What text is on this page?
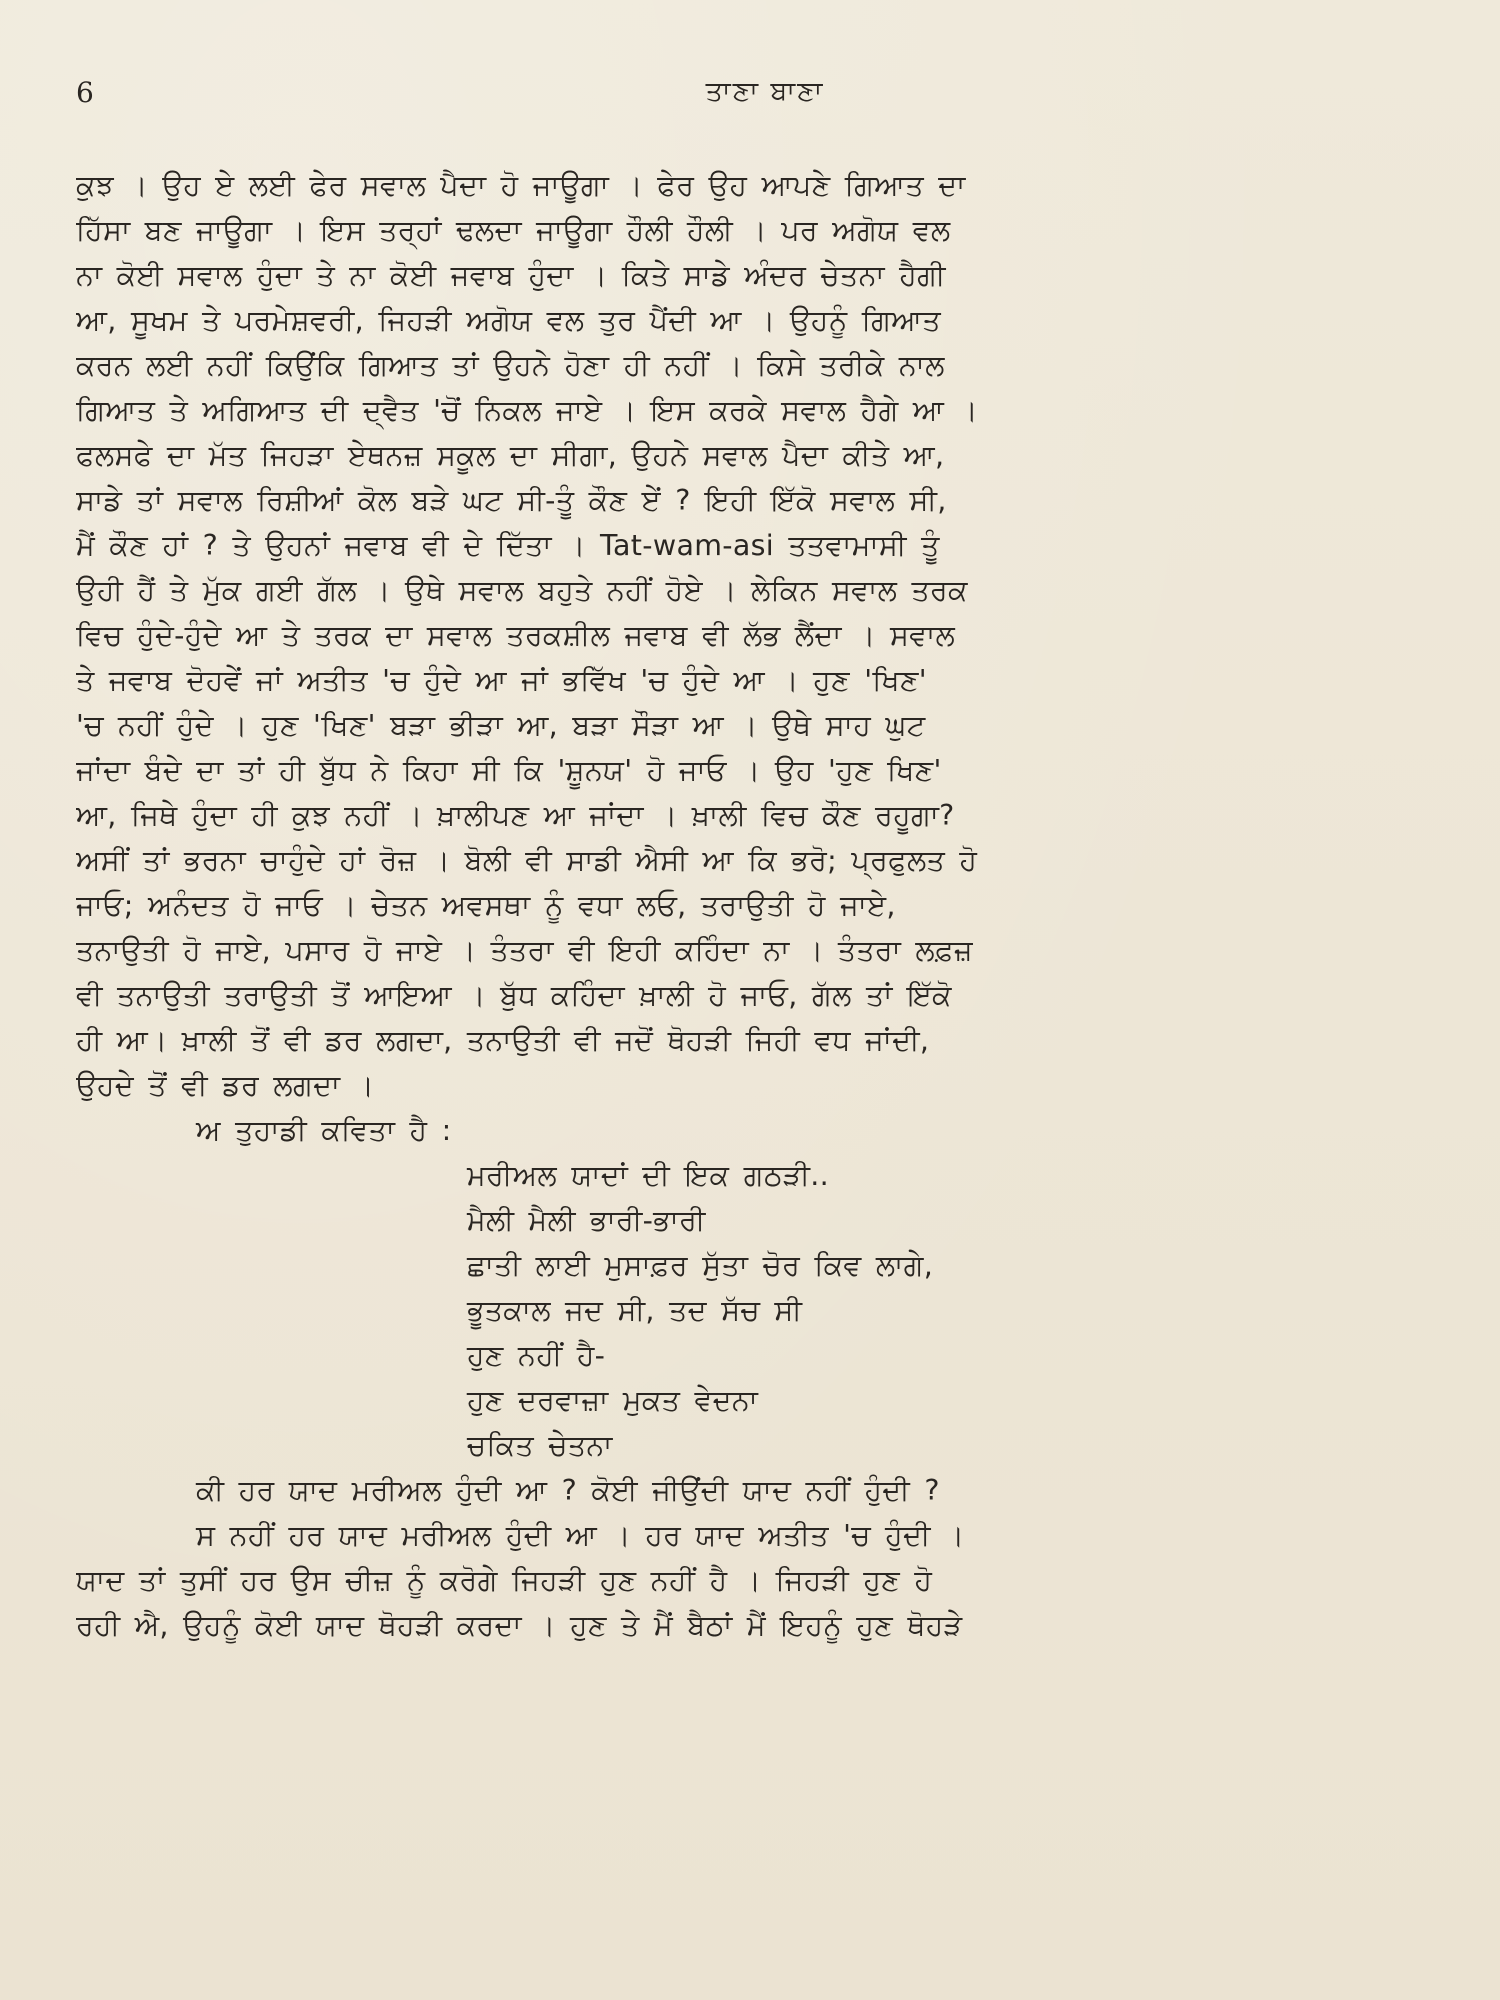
6	ਤਾਣਾ ਬਾਣਾ
ਕੁਝ । ਉਹ ਏ ਲਈ ਫੇਰ ਸਵਾਲ ਪੈਦਾ ਹੋ ਜਾਊਗਾ । ਫੇਰ ਉਹ ਆਪਣੇ ਗਿਆਤ ਦਾ
ਹਿੱਸਾ ਬਣ ਜਾਊਗਾ । ਇਸ ਤਰ੍ਹਾਂ ਢਲਦਾ ਜਾਊਗਾ ਹੌਲੀ ਹੌਲੀ । ਪਰ ਅਗੋਯ ਵਲ
ਨਾ ਕੋਈ ਸਵਾਲ ਹੁੰਦਾ ਤੇ ਨਾ ਕੋਈ ਜਵਾਬ ਹੁੰਦਾ । ਕਿਤੇ ਸਾਡੇ ਅੰਦਰ ਚੇਤਨਾ ਹੈਗੀ
ਆ, ਸੂਖਮ ਤੇ ਪਰਮੇਸ਼ਵਰੀ, ਜਿਹੜੀ ਅਗੋਯ ਵਲ ਤੁਰ ਪੈਂਦੀ ਆ । ਉਹਨੂੰ ਗਿਆਤ
ਕਰਨ ਲਈ ਨਹੀਂ ਕਿਉਂਕਿ ਗਿਆਤ ਤਾਂ ਉਹਨੇ ਹੋਣਾ ਹੀ ਨਹੀਂ । ਕਿਸੇ ਤਰੀਕੇ ਨਾਲ
ਗਿਆਤ ਤੇ ਅਗਿਆਤ ਦੀ ਦ੍ਵੈਤ 'ਚੋਂ ਨਿਕਲ ਜਾਏ । ਇਸ ਕਰਕੇ ਸਵਾਲ ਹੈਗੇ ਆ ।
ਫਲਸਫੇ ਦਾ ਮੱਤ ਜਿਹੜਾ ਏਥਨਜ਼ ਸਕੂਲ ਦਾ ਸੀਗਾ, ਉਹਨੇ ਸਵਾਲ ਪੈਦਾ ਕੀਤੇ ਆ,
ਸਾਡੇ ਤਾਂ ਸਵਾਲ ਰਿਸ਼ੀਆਂ ਕੋਲ ਬੜੇ ਘਟ ਸੀ-ਤੂੰ ਕੌਣ ਏਂ ? ਇਹੀ ਇੱਕੋ ਸਵਾਲ ਸੀ,
ਮੈਂ ਕੌਣ ਹਾਂ ? ਤੇ ਉਹਨਾਂ ਜਵਾਬ ਵੀ ਦੇ ਦਿੱਤਾ । Tat-wam-asi ਤਤਵਾਮਾਸੀ ਤੂੰ
ਉਹੀ ਹੈਂ ਤੇ ਮੁੱਕ ਗਈ ਗੱਲ । ਉਥੇ ਸਵਾਲ ਬਹੁਤੇ ਨਹੀਂ ਹੋਏ । ਲੇਕਿਨ ਸਵਾਲ ਤਰਕ
ਵਿਚ ਹੁੰਦੇ-ਹੁੰਦੇ ਆ ਤੇ ਤਰਕ ਦਾ ਸਵਾਲ ਤਰਕਸ਼ੀਲ ਜਵਾਬ ਵੀ ਲੱਭ ਲੈਂਦਾ । ਸਵਾਲ
ਤੇ ਜਵਾਬ ਦੋਹਵੇਂ ਜਾਂ ਅਤੀਤ 'ਚ ਹੁੰਦੇ ਆ ਜਾਂ ਭਵਿੱਖ 'ਚ ਹੁੰਦੇ ਆ । ਹੁਣ 'ਖਿਣ'
'ਚ ਨਹੀਂ ਹੁੰਦੇ । ਹੁਣ 'ਖਿਣ' ਬੜਾ ਭੀੜਾ ਆ, ਬੜਾ ਸੌੜਾ ਆ । ਉਥੇ ਸਾਹ ਘੁਟ
ਜਾਂਦਾ ਬੰਦੇ ਦਾ ਤਾਂ ਹੀ ਬੁੱਧ ਨੇ ਕਿਹਾ ਸੀ ਕਿ 'ਸ਼ੂਨਯ' ਹੋ ਜਾਓ । ਉਹ 'ਹੁਣ ਖਿਣ'
ਆ, ਜਿਥੇ ਹੁੰਦਾ ਹੀ ਕੁਝ ਨਹੀਂ । ਖ਼ਾਲੀਪਣ ਆ ਜਾਂਦਾ । ਖ਼ਾਲੀ ਵਿਚ ਕੌਣ ਰਹੂਗਾ?
ਅਸੀਂ ਤਾਂ ਭਰਨਾ ਚਾਹੁੰਦੇ ਹਾਂ ਰੋਜ਼ । ਬੋਲੀ ਵੀ ਸਾਡੀ ਐਸੀ ਆ ਕਿ ਭਰੋ; ਪ੍ਰਫੁਲਤ ਹੋ
ਜਾਓ; ਅਨੰਦਤ ਹੋ ਜਾਓ । ਚੇਤਨ ਅਵਸਥਾ ਨੂੰ ਵਧਾ ਲਓ, ਤਰਾਉਤੀ ਹੋ ਜਾਏ,
ਤਨਾਉਤੀ ਹੋ ਜਾਏ, ਪਸਾਰ ਹੋ ਜਾਏ । ਤੰਤਰਾ ਵੀ ਇਹੀ ਕਹਿੰਦਾ ਨਾ । ਤੰਤਰਾ ਲਫ਼ਜ਼
ਵੀ ਤਨਾਉਤੀ ਤਰਾਉਤੀ ਤੋਂ ਆਇਆ । ਬੁੱਧ ਕਹਿੰਦਾ ਖ਼ਾਲੀ ਹੋ ਜਾਓ, ਗੱਲ ਤਾਂ ਇੱਕੋ
ਹੀ ਆ। ਖ਼ਾਲੀ ਤੋਂ ਵੀ ਡਰ ਲਗਦਾ, ਤਨਾਉਤੀ ਵੀ ਜਦੋਂ ਥੋਹੜੀ ਜਿਹੀ ਵਧ ਜਾਂਦੀ,
ਉਹਦੇ ਤੋਂ ਵੀ ਡਰ ਲਗਦਾ ।
ਅ ਤੁਹਾਡੀ ਕਵਿਤਾ ਹੈ :
ਮਰੀਅਲ ਯਾਦਾਂ ਦੀ ਇਕ ਗਠੜੀ..
ਮੈਲੀ ਮੈਲੀ ਭਾਰੀ-ਭਾਰੀ
ਛਾਤੀ ਲਾਈ ਮੁਸਾਫ਼ਰ ਸੁੱਤਾ ਚੋਰ ਕਿਵ ਲਾਗੇ,
ਭੂਤਕਾਲ ਜਦ ਸੀ, ਤਦ ਸੱਚ ਸੀ
ਹੁਣ ਨਹੀਂ ਹੈ-
ਹੁਣ ਦਰਵਾਜ਼ਾ ਮੁਕਤ ਵੇਦਨਾ
ਚਕਿਤ ਚੇਤਨਾ
ਕੀ ਹਰ ਯਾਦ ਮਰੀਅਲ ਹੁੰਦੀ ਆ ? ਕੋਈ ਜੀਉਂਦੀ ਯਾਦ ਨਹੀਂ ਹੁੰਦੀ ?
ਸ ਨਹੀਂ ਹਰ ਯਾਦ ਮਰੀਅਲ ਹੁੰਦੀ ਆ । ਹਰ ਯਾਦ ਅਤੀਤ 'ਚ ਹੁੰਦੀ ।
ਯਾਦ ਤਾਂ ਤੁਸੀਂ ਹਰ ਉਸ ਚੀਜ਼ ਨੂੰ ਕਰੋਗੇ ਜਿਹੜੀ ਹੁਣ ਨਹੀਂ ਹੈ । ਜਿਹੜੀ ਹੁਣ ਹੋ
ਰਹੀ ਐ, ਉਹਨੂੰ ਕੋਈ ਯਾਦ ਥੋਹੜੀ ਕਰਦਾ । ਹੁਣ ਤੇ ਮੈਂ ਬੈਠਾਂ ਮੈਂ ਇਹਨੂੰ ਹੁਣ ਥੋਹੜੇ
